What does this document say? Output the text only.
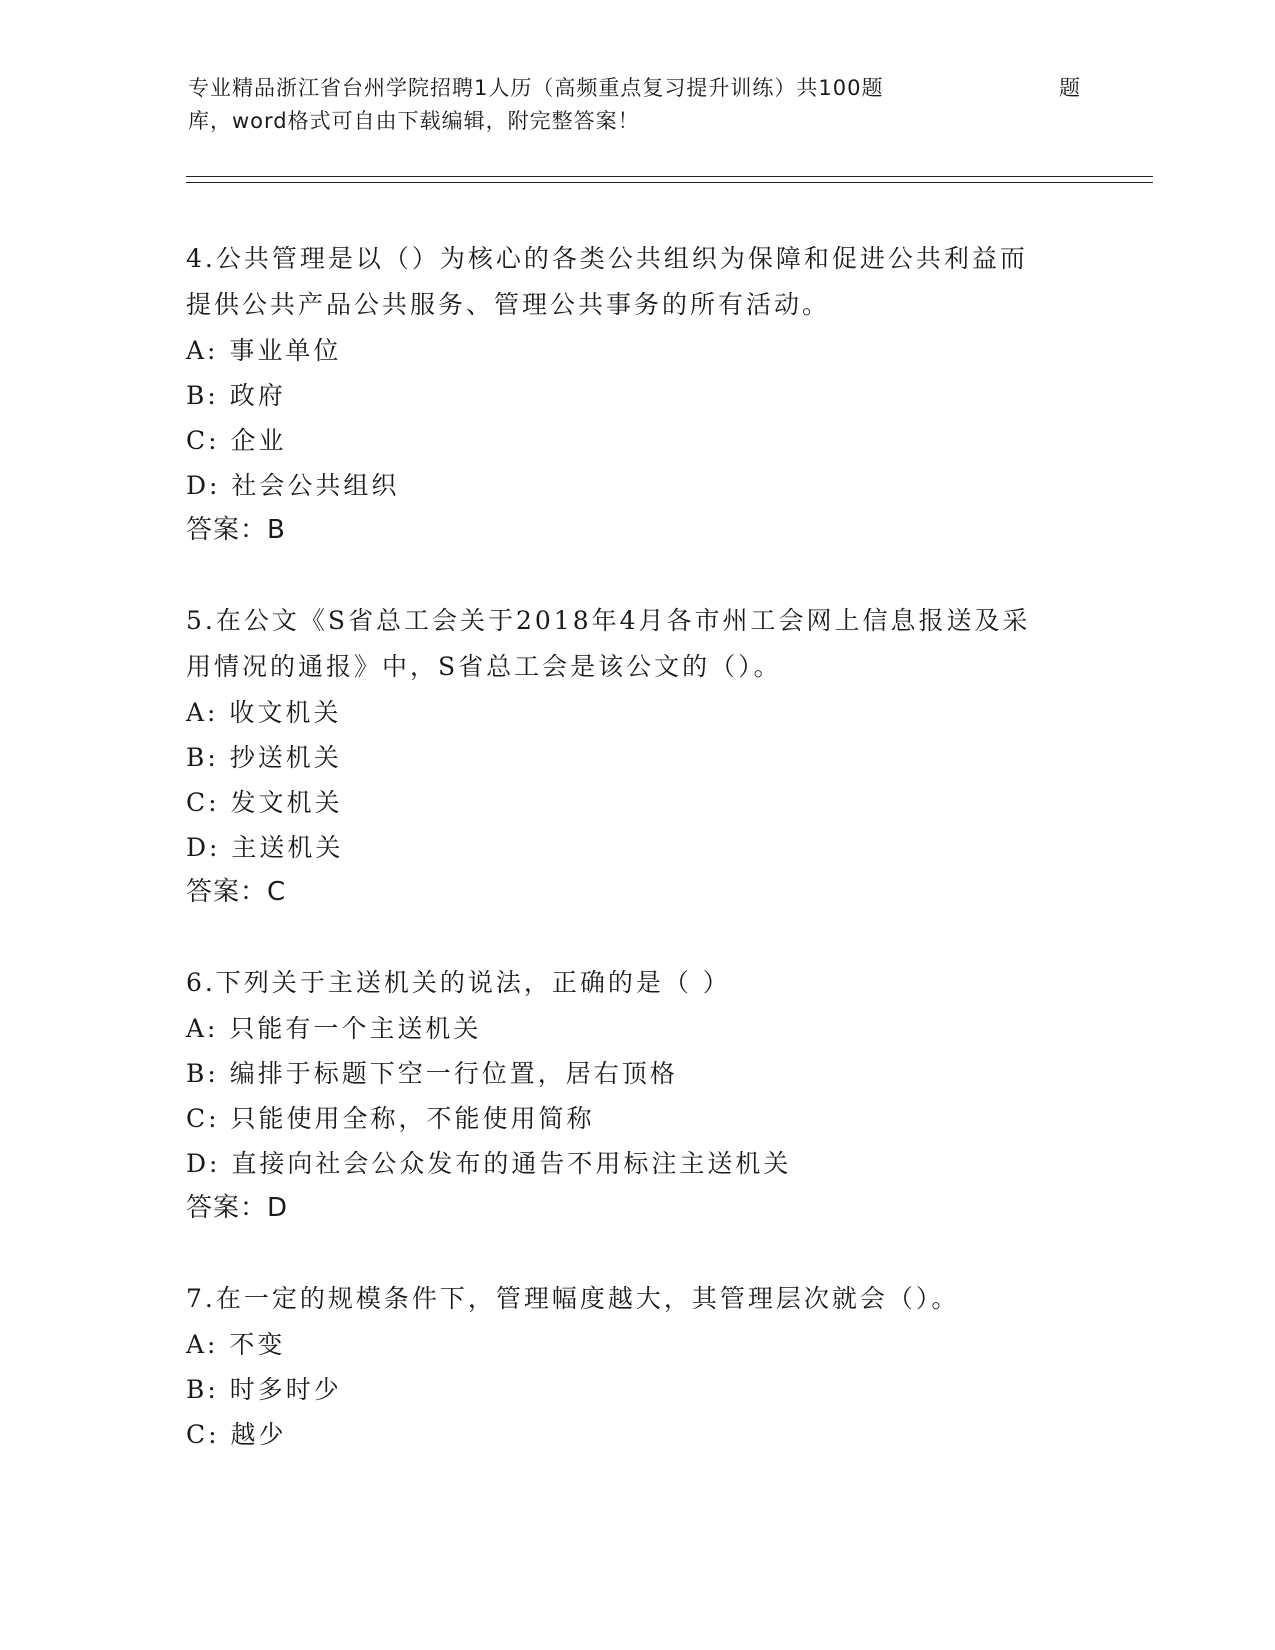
专业精品浙江省台州学院招聘1人历（高频重点复习提升训练）共100题
库，word格式可自由下载编辑，附完整答案！
题

4.公共管理是以（）为核心的各类公共组织为保障和促进公共利益而
提供公共产品公共服务、管理公共事务的所有活动。

A: 事业单位
B: 政府
C: 企业
D: 社会公共组织
答案：B

5.在公文《S省总工会关于2018年4月各市州工会网上信息报送及采
用情况的通报》中，S省总工会是该公文的（）。

A: 收文机关
B: 抄送机关
C: 发文机关
D: 主送机关
答案：C

6.下列关于主送机关的说法，正确的是（ ）

A: 只能有一个主送机关
B: 编排于标题下空一行位置，居右顶格
C: 只能使用全称，不能使用简称
D: 直接向社会公众发布的通告不用标注主送机关
答案：D

7.在一定的规模条件下，管理幅度越大，其管理层次就会（）。

A: 不变
B: 时多时少
C: 越少
